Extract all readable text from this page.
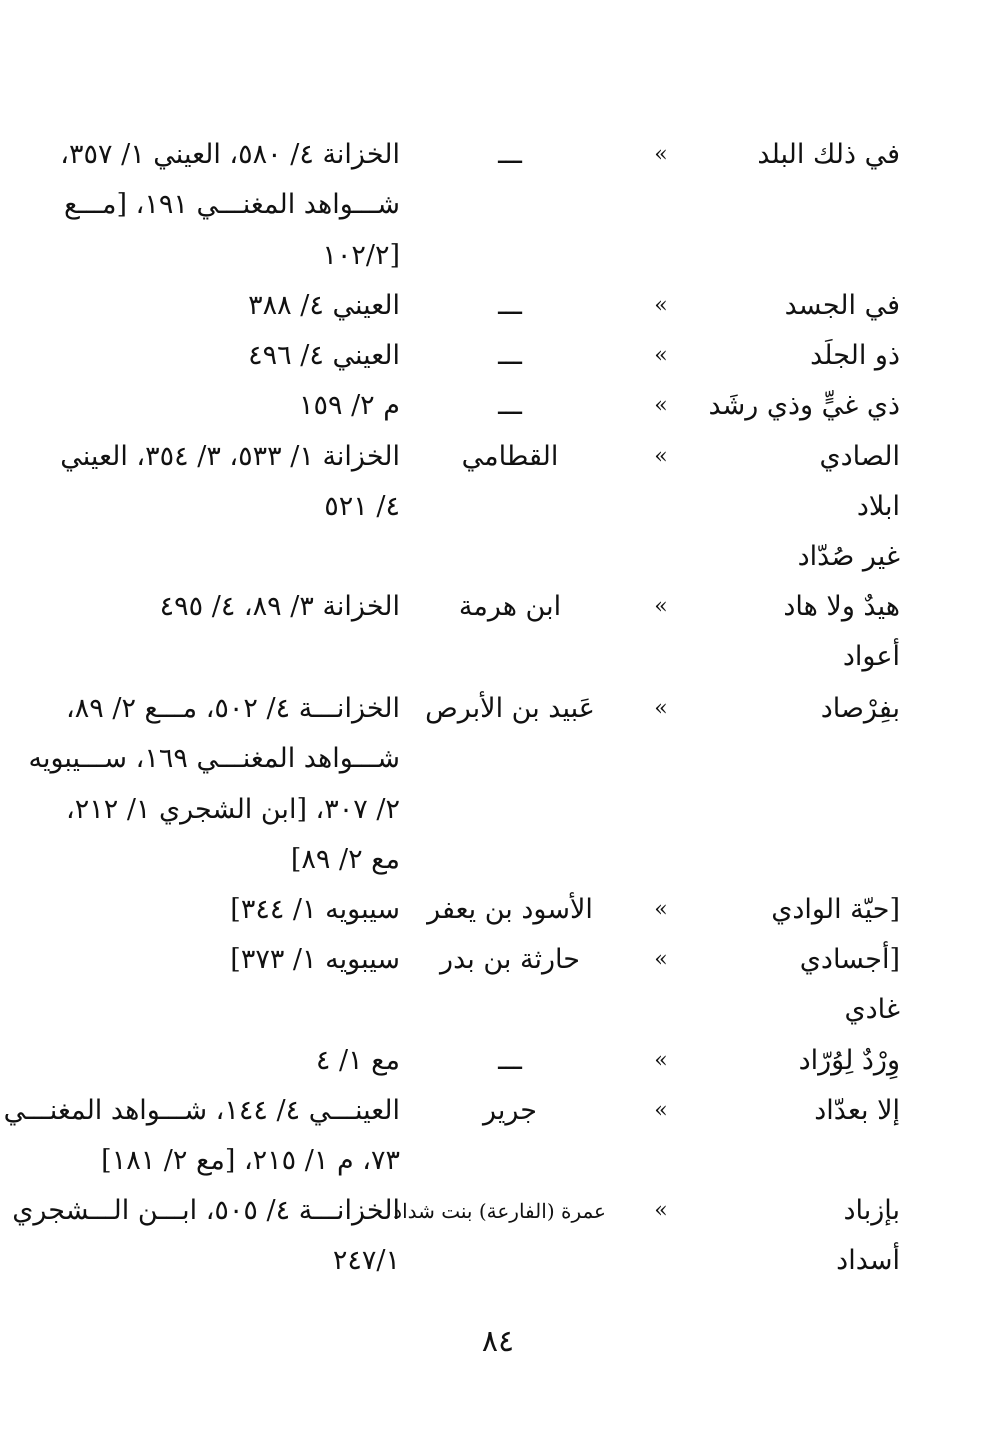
في ذلك البلد
»
ـــ
الخزانة ٤/ ٥٨٠، العيني ١/ ٣٥٧،
شـــواهد المغنـــي ١٩١، [مـــع
[١٠٢/٢
في الجسد
»
ـــ
العيني ٤/ ٣٨٨
ذو الجلَد
»
ـــ
العيني ٤/ ٤٩٦
ذي غيٍّ وذي رشَد
»
ـــ
م ٢/ ١٥٩
الصادي
»
القطامي
الخزانة ١/ ٥٣٣، ٣/ ٣٥٤، العيني
ابلاد
٤/ ٥٢١
غير صُدّاد
هيدٌ ولا هاد
»
ابن هرمة
الخزانة ٣/ ٨٩، ٤/ ٤٩٥
أعواد
بفِرْصاد
»
عَبيد بن الأبرص
الخزانـــة ٤/ ٥٠٢، مـــع ٢/ ٨٩،
شـــواهد المغنـــي ١٦٩، ســـيبويه
٢/ ٣٠٧، [ابن الشجري ١/ ٢١٢،
مع ٢/ ٨٩]
[حيّة الوادي
»
الأسود بن يعفر
سيبويه ١/ ٣٤٤]
[أجسادي
»
حارثة بن بدر
سيبويه ١/ ٣٧٣]
غادي
وِرْدٌ لِوُرّاد
»
ـــ
مع ١/ ٤
إلا بعدّاد
»
جرير
العينـــي ٤/ ١٤٤، شـــواهد المغنـــي
٧٣، م ١/ ٢١٥، [مع ٢/ ١٨١]
بإزباد
»
عمرة (الفارعة) بنت شداد
الخزانـــة ٤/ ٥٠٥، ابـــن الـــشجري
أسداد
٢٤٧/١
٨٤
